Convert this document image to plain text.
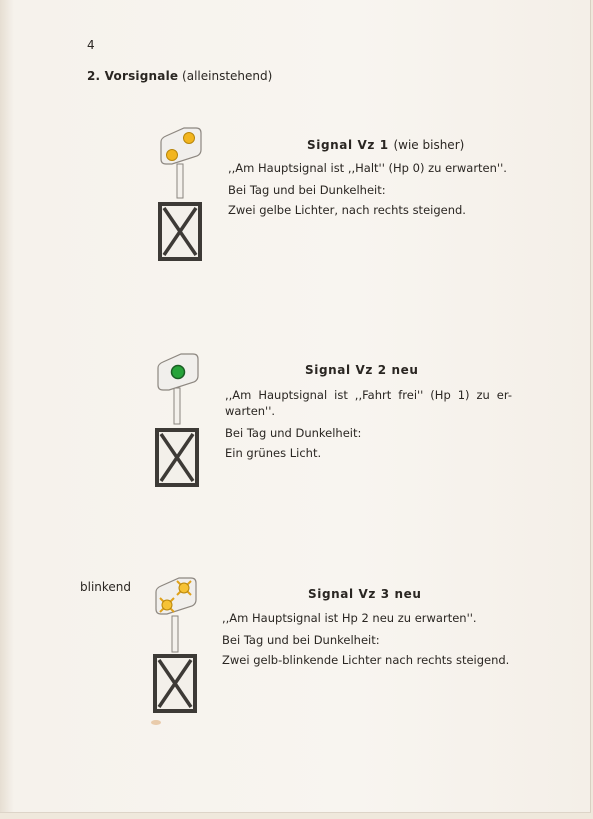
4
2. Vorsignale (alleinstehend)
Signal Vz 1 (wie bisher)

,,Am Hauptsignal ist ,,Halt'' (Hp 0) zu erwarten''.

Bei Tag und bei Dunkelheit:

Zwei gelbe Lichter, nach rechts steigend.

Signal Vz 2 neu

,,Am Hauptsignal ist ,,Fahrt frei'' (Hp 1) zu er- warten''.

Bei Tag und Dunkelheit:

Ein grünes Licht.

blinkend	Signal Vz 3 neu

,,Am Hauptsignal ist Hp 2 neu zu erwarten''.

Bei Tag und bei Dunkelheit:

Zwei gelb-blinkende Lichter nach rechts steigend.
